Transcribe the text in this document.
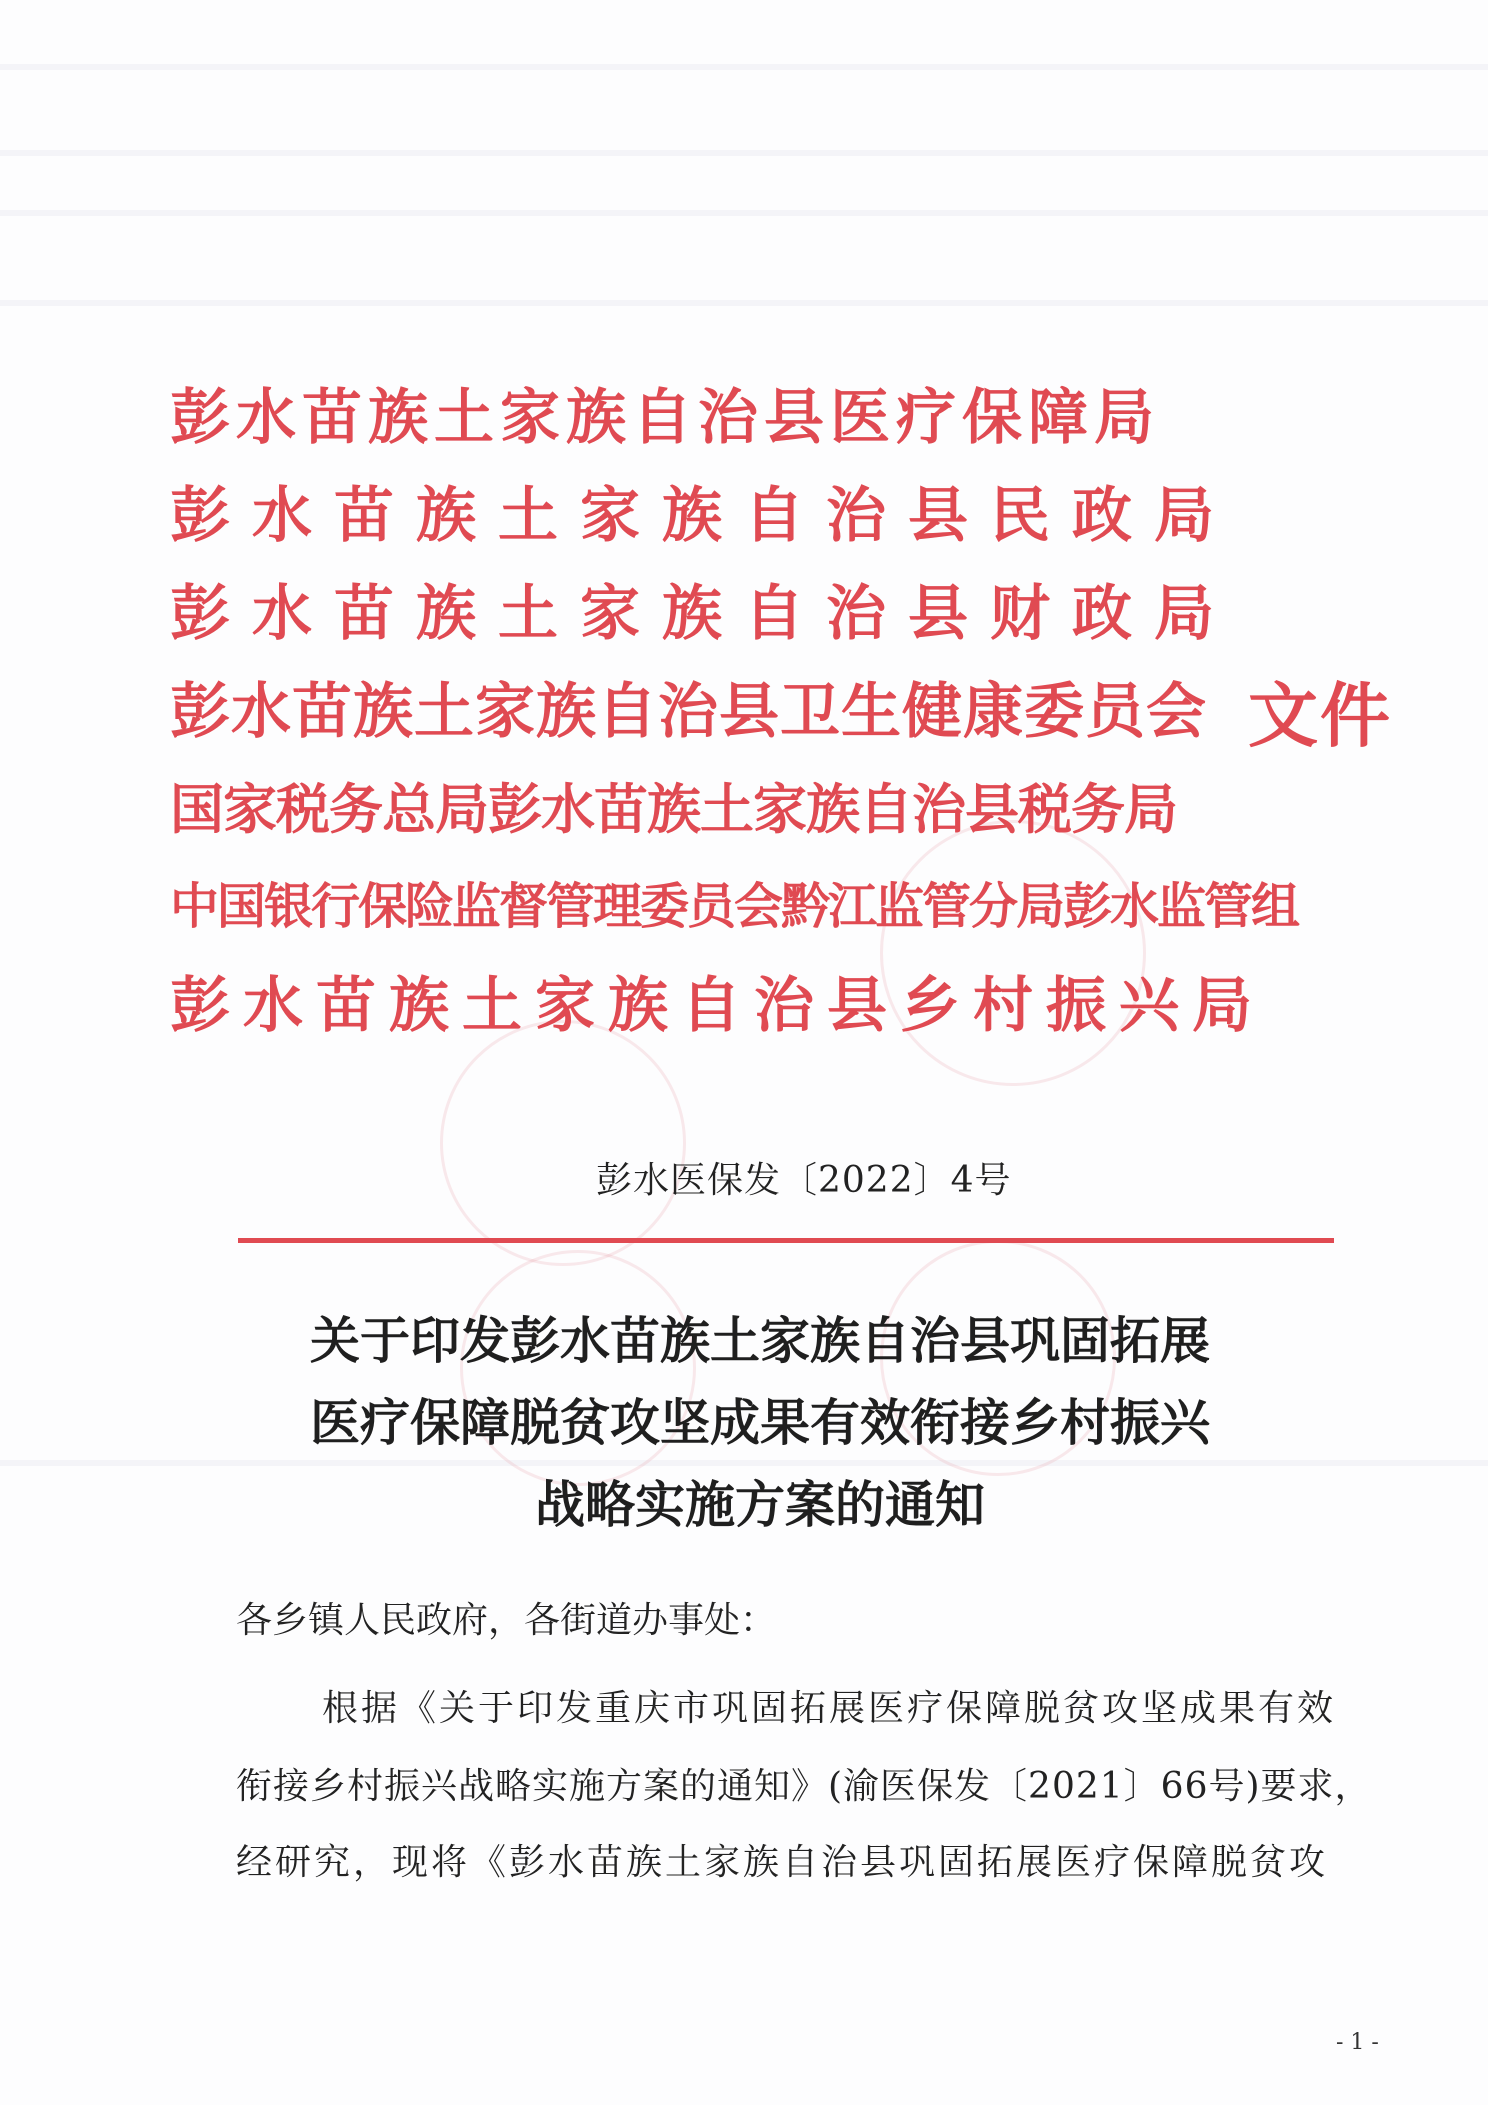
彭水苗族土家族自治县医疗保障局
彭水苗族土家族自治县民政局
彭水苗族土家族自治县财政局
彭水苗族土家族自治县卫生健康委员会
国家税务总局彭水苗族土家族自治县税务局
中国银行保险监督管理委员会黔江监管分局彭水监管组
彭水苗族土家族自治县乡村振兴局
文件
彭水医保发〔2022〕4号
关于印发彭水苗族土家族自治县巩固拓展
医疗保障脱贫攻坚成果有效衔接乡村振兴
战略实施方案的通知
各乡镇人民政府，各街道办事处：
根据《关于印发重庆市巩固拓展医疗保障脱贫攻坚成果有效
衔接乡村振兴战略实施方案的通知》(渝医保发〔2021〕66号)要求，
经研究，现将《彭水苗族土家族自治县巩固拓展医疗保障脱贫攻
- 1 -
